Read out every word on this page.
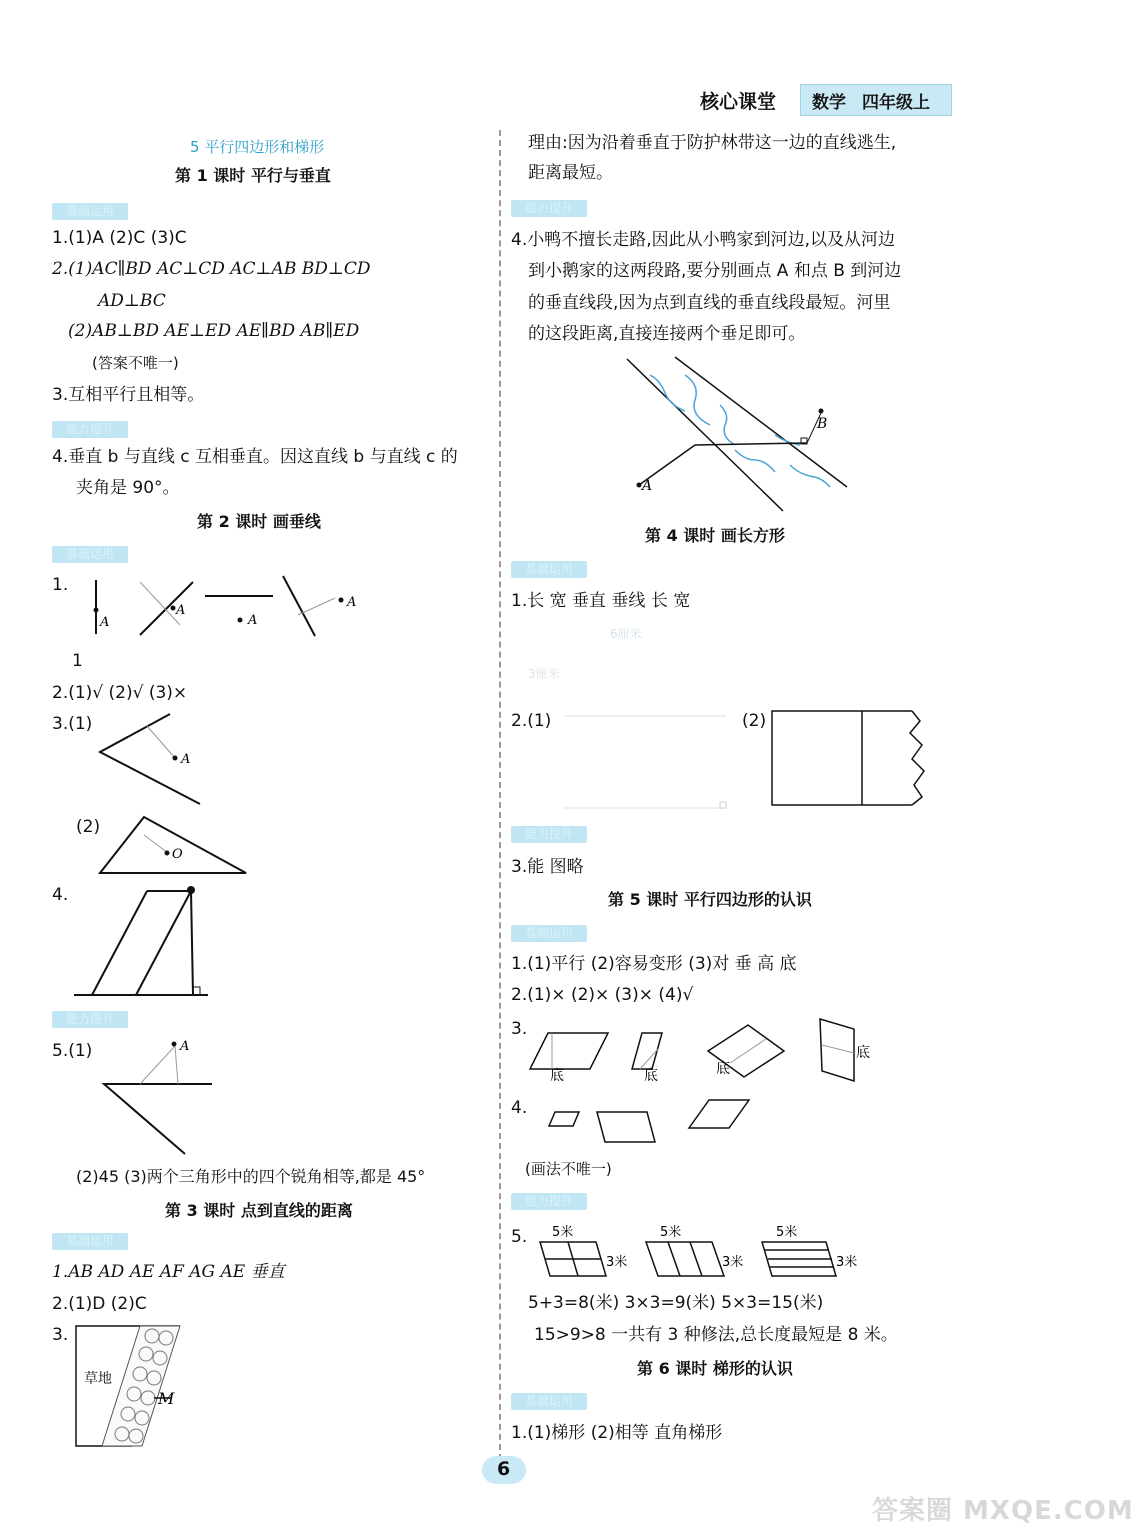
核心课堂 数学 四年级上
5 平行四边形和梯形
第 1 课时 平行与垂直
基础运用
1.(1)A (2)C (3)C
2.(1)AC∥BD AC⊥CD AC⊥AB BD⊥CD
AD⊥BC
(2)AB⊥BD AE⊥ED AE∥BD AB∥ED
(答案不唯一)
3.互相平行且相等。
能力提升
4.垂直 b 与直线 c 互相垂直。因这直线 b 与直线 c 的
夹角是 90°。
第 2 课时 画垂线
基础运用
1.
A
A
A
A
1
2.(1)√ (2)√ (3)×
3.(1)
A
(2)
O
4.
能力提升
5.(1)	A
(2)45 (3)两个三角形中的四个锐角相等,都是 45°
第 3 课时 点到直线的距离
基础运用
1.AB AD AE AF AG AE 垂直
2.(1)D (2)C
3.
M
草地
理由:因为沿着垂直于防护林带这一边的直线逃生,
距离最短。
能力提升
4.小鸭不擅长走路,因此从小鸭家到河边,以及从河边
到小鹅家的这两段路,要分别画点 A 和点 B 到河边
的垂直线段,因为点到直线的垂直线段最短。河里
的这段距离,直接连接两个垂足即可。
B
A
第 4 课时 画长方形
基础运用
1.长 宽 垂直 垂线 长 宽
6厘米
3厘米
2.(1)	(2)
能力提升
3.能 图略
第 5 课时 平行四边形的认识
基础运用
1.(1)平行 (2)容易变形 (3)对 垂 高 底
2.(1)× (2)× (3)× (4)√
3.
底	底	底
底
4.
(画法不唯一)
能力提升
5. 5米
3米
5米
3米
5米
3米
5+3=8(米) 3×3=9(米) 5×3=15(米)
15>9>8 一共有 3 种修法,总长度最短是 8 米。
第 6 课时 梯形的认识
基础运用
1.(1)梯形 (2)相等 直角梯形
6
答案圈 MXQE.COM
